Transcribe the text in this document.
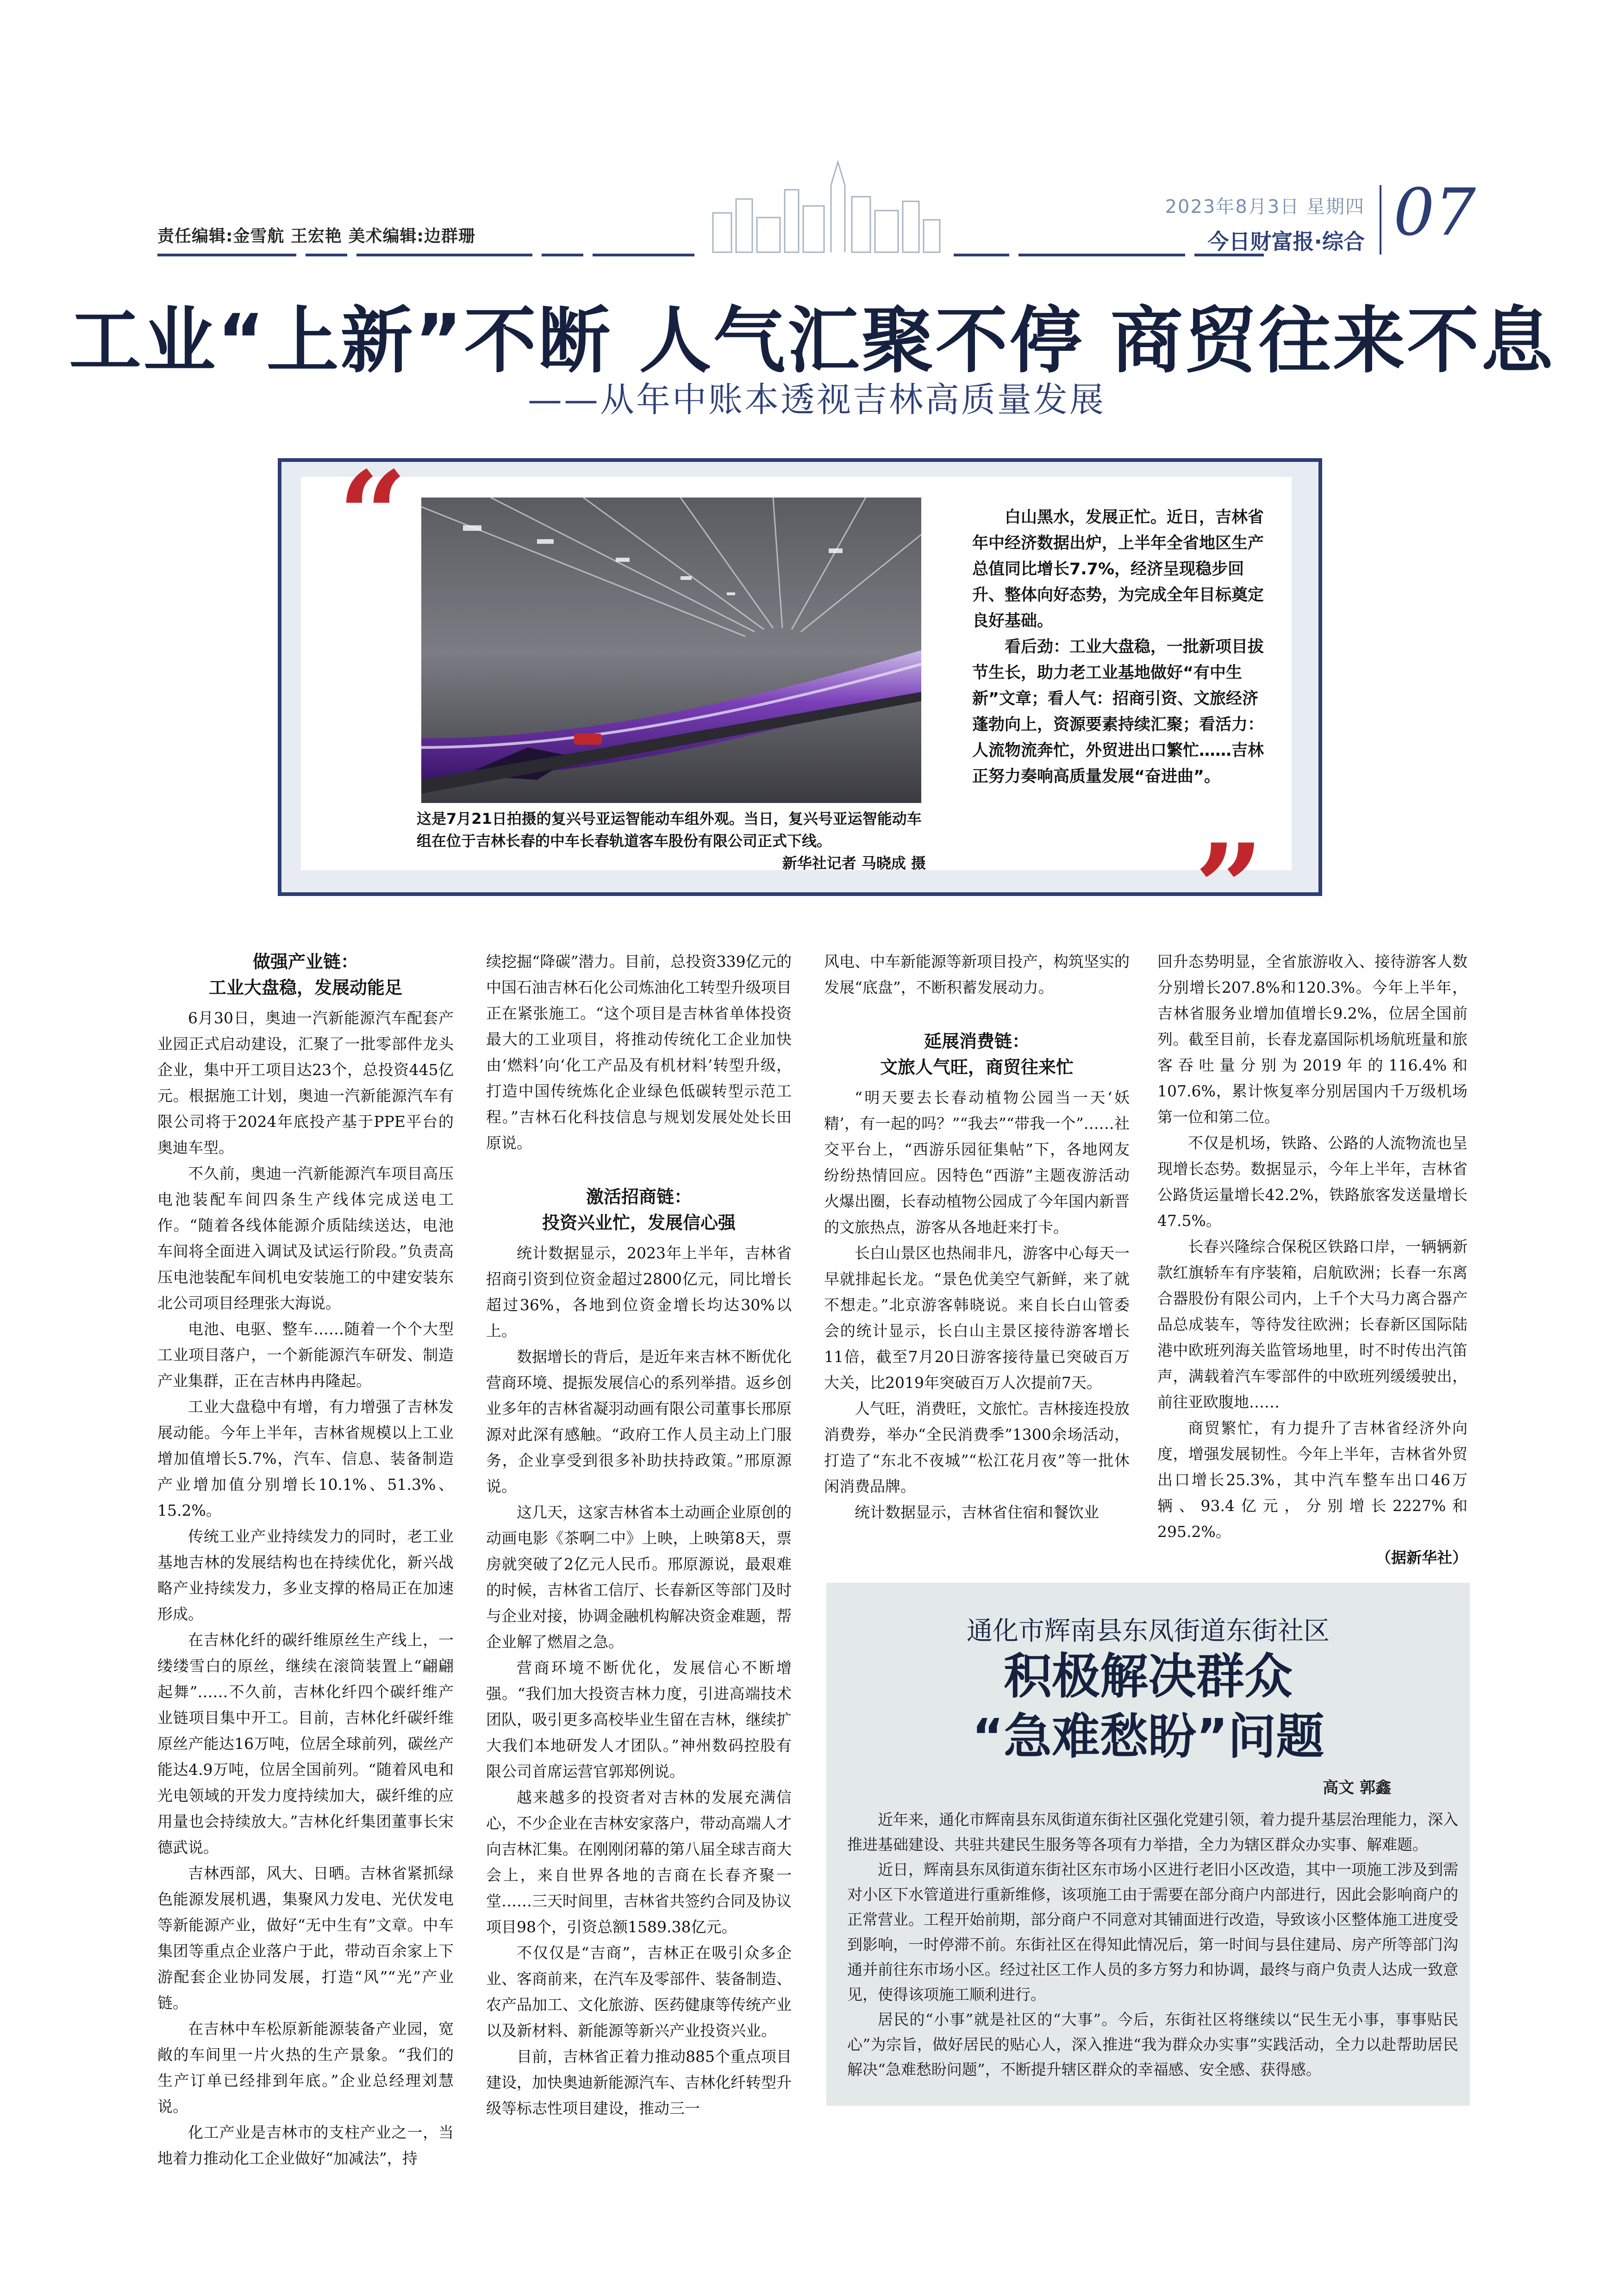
责任编辑:金雪航 王宏艳 美术编辑:边群珊
2023年8月3日 星期四
今日财富报·综合 07
工业“上新”不断 人气汇聚不停 商贸往来不息
——从年中账本透视吉林高质量发展
“
”
这是7月21日拍摄的复兴号亚运智能动车组外观。当日，复兴号亚运智能动车组在位于吉林长春的中车长春轨道客车股份有限公司正式下线。
新华社记者 马晓成 摄

白山黑水，发展正忙。近日，吉林省年中经济数据出炉，上半年全省地区生产总值同比增长7.7%，经济呈现稳步回升、整体向好态势，为完成全年目标奠定良好基础。

看后劲：工业大盘稳，一批新项目拔节生长，助力老工业基地做好“有中生新”文章；看人气：招商引资、文旅经济蓬勃向上，资源要素持续汇聚；看活力：人流物流奔忙，外贸进出口繁忙……吉林正努力奏响高质量发展“奋进曲”。

做强产业链：
工业大盘稳，发展动能足

6月30日，奥迪一汽新能源汽车配套产业园正式启动建设，汇聚了一批零部件龙头企业，集中开工项目达23个，总投资445亿元。根据施工计划，奥迪一汽新能源汽车有限公司将于2024年底投产基于PPE平台的奥迪车型。

不久前，奥迪一汽新能源汽车项目高压电池装配车间四条生产线体完成送电工作。“随着各线体能源介质陆续送达，电池车间将全面进入调试及试运行阶段。”负责高压电池装配车间机电安装施工的中建安装东北公司项目经理张大海说。

电池、电驱、整车……随着一个个大型工业项目落户，一个新能源汽车研发、制造产业集群，正在吉林冉冉隆起。

工业大盘稳中有增，有力增强了吉林发展动能。今年上半年，吉林省规模以上工业增加值增长5.7%，汽车、信息、装备制造产业增加值分别增长10.1%、51.3%、15.2%。

传统工业产业持续发力的同时，老工业基地吉林的发展结构也在持续优化，新兴战略产业持续发力，多业支撑的格局正在加速形成。

在吉林化纤的碳纤维原丝生产线上，一缕缕雪白的原丝，继续在滚筒装置上“翩翩起舞”……不久前，吉林化纤四个碳纤维产业链项目集中开工。目前，吉林化纤碳纤维原丝产能达16万吨，位居全球前列，碳丝产能达4.9万吨，位居全国前列。“随着风电和光电领域的开发力度持续加大，碳纤维的应用量也会持续放大。”吉林化纤集团董事长宋德武说。

吉林西部，风大、日晒。吉林省紧抓绿色能源发展机遇，集聚风力发电、光伏发电等新能源产业，做好“无中生有”文章。中车集团等重点企业落户于此，带动百余家上下游配套企业协同发展，打造“风”“光”产业链。

在吉林中车松原新能源装备产业园，宽敞的车间里一片火热的生产景象。“我们的生产订单已经排到年底。”企业总经理刘慧说。

化工产业是吉林市的支柱产业之一，当地着力推动化工企业做好“加减法”，持

续挖掘“降碳”潜力。目前，总投资339亿元的中国石油吉林石化公司炼油化工转型升级项目正在紧张施工。“这个项目是吉林省单体投资最大的工业项目，将推动传统化工企业加快由‘燃料’向‘化工产品及有机材料’转型升级，打造中国传统炼化企业绿色低碳转型示范工程。”吉林石化科技信息与规划发展处处长田原说。

激活招商链：
投资兴业忙，发展信心强

统计数据显示，2023年上半年，吉林省招商引资到位资金超过2800亿元，同比增长超过36%，各地到位资金增长均达30%以上。

数据增长的背后，是近年来吉林不断优化营商环境、提振发展信心的系列举措。返乡创业多年的吉林省凝羽动画有限公司董事长邢原源对此深有感触。“政府工作人员主动上门服务，企业享受到很多补助扶持政策。”邢原源说。

这几天，这家吉林省本土动画企业原创的动画电影《茶啊二中》上映，上映第8天，票房就突破了2亿元人民币。邢原源说，最艰难的时候，吉林省工信厅、长春新区等部门及时与企业对接，协调金融机构解决资金难题，帮企业解了燃眉之急。

营商环境不断优化，发展信心不断增强。“我们加大投资吉林力度，引进高端技术团队，吸引更多高校毕业生留在吉林，继续扩大我们本地研发人才团队。”神州数码控股有限公司首席运营官郭郑例说。

越来越多的投资者对吉林的发展充满信心，不少企业在吉林安家落户，带动高端人才向吉林汇集。在刚刚闭幕的第八届全球吉商大会上，来自世界各地的吉商在长春齐聚一堂……三天时间里，吉林省共签约合同及协议项目98个，引资总额1589.38亿元。

不仅仅是“吉商”，吉林正在吸引众多企业、客商前来，在汽车及零部件、装备制造、农产品加工、文化旅游、医药健康等传统产业以及新材料、新能源等新兴产业投资兴业。

目前，吉林省正着力推动885个重点项目建设，加快奥迪新能源汽车、吉林化纤转型升级等标志性项目建设，推动三一

风电、中车新能源等新项目投产，构筑坚实的发展“底盘”，不断积蓄发展动力。

延展消费链：
文旅人气旺，商贸往来忙

“明天要去长春动植物公园当一天‘妖精’，有一起的吗？”“我去”“带我一个”……社交平台上，“西游乐园征集帖”下，各地网友纷纷热情回应。因特色“西游”主题夜游活动火爆出圈，长春动植物公园成了今年国内新晋的文旅热点，游客从各地赶来打卡。

长白山景区也热闹非凡，游客中心每天一早就排起长龙。“景色优美空气新鲜，来了就不想走。”北京游客韩晓说。来自长白山管委会的统计显示，长白山主景区接待游客增长11倍，截至7月20日游客接待量已突破百万大关，比2019年突破百万人次提前7天。

人气旺，消费旺，文旅忙。吉林接连投放消费券，举办“全民消费季”1300余场活动，打造了“东北不夜城”“松江花月夜”等一批休闲消费品牌。

统计数据显示，吉林省住宿和餐饮业

回升态势明显，全省旅游收入、接待游客人数分别增长207.8%和120.3%。今年上半年，吉林省服务业增加值增长9.2%，位居全国前列。截至目前，长春龙嘉国际机场航班量和旅客吞吐量分别为2019年的116.4%和107.6%，累计恢复率分别居国内千万级机场第一位和第二位。

不仅是机场，铁路、公路的人流物流也呈现增长态势。数据显示，今年上半年，吉林省公路货运量增长42.2%，铁路旅客发送量增长47.5%。

长春兴隆综合保税区铁路口岸，一辆辆新款红旗轿车有序装箱，启航欧洲；长春一东离合器股份有限公司内，上千个大马力离合器产品总成装车，等待发往欧洲；长春新区国际陆港中欧班列海关监管场地里，时不时传出汽笛声，满载着汽车零部件的中欧班列缓缓驶出，前往亚欧腹地……

商贸繁忙，有力提升了吉林省经济外向度，增强发展韧性。今年上半年，吉林省外贸出口增长25.3%，其中汽车整车出口46万辆、93.4亿元，分别增长2227%和295.2%。

（据新华社）
通化市辉南县东凤街道东街社区
积极解决群众
“急难愁盼”问题
高文 郭鑫

近年来，通化市辉南县东凤街道东街社区强化党建引领，着力提升基层治理能力，深入推进基础建设、共驻共建民生服务等各项有力举措，全力为辖区群众办实事、解难题。

近日，辉南县东凤街道东街社区东市场小区进行老旧小区改造，其中一项施工涉及到需对小区下水管道进行重新维修，该项施工由于需要在部分商户内部进行，因此会影响商户的正常营业。工程开始前期，部分商户不同意对其铺面进行改造，导致该小区整体施工进度受到影响，一时停滞不前。东街社区在得知此情况后，第一时间与县住建局、房产所等部门沟通并前往东市场小区。经过社区工作人员的多方努力和协调，最终与商户负责人达成一致意见，使得该项施工顺利进行。

居民的“小事”就是社区的“大事”。今后，东街社区将继续以“民生无小事，事事贴民心”为宗旨，做好居民的贴心人，深入推进“我为群众办实事”实践活动，全力以赴帮助居民解决“急难愁盼问题”，不断提升辖区群众的幸福感、安全感、获得感。
